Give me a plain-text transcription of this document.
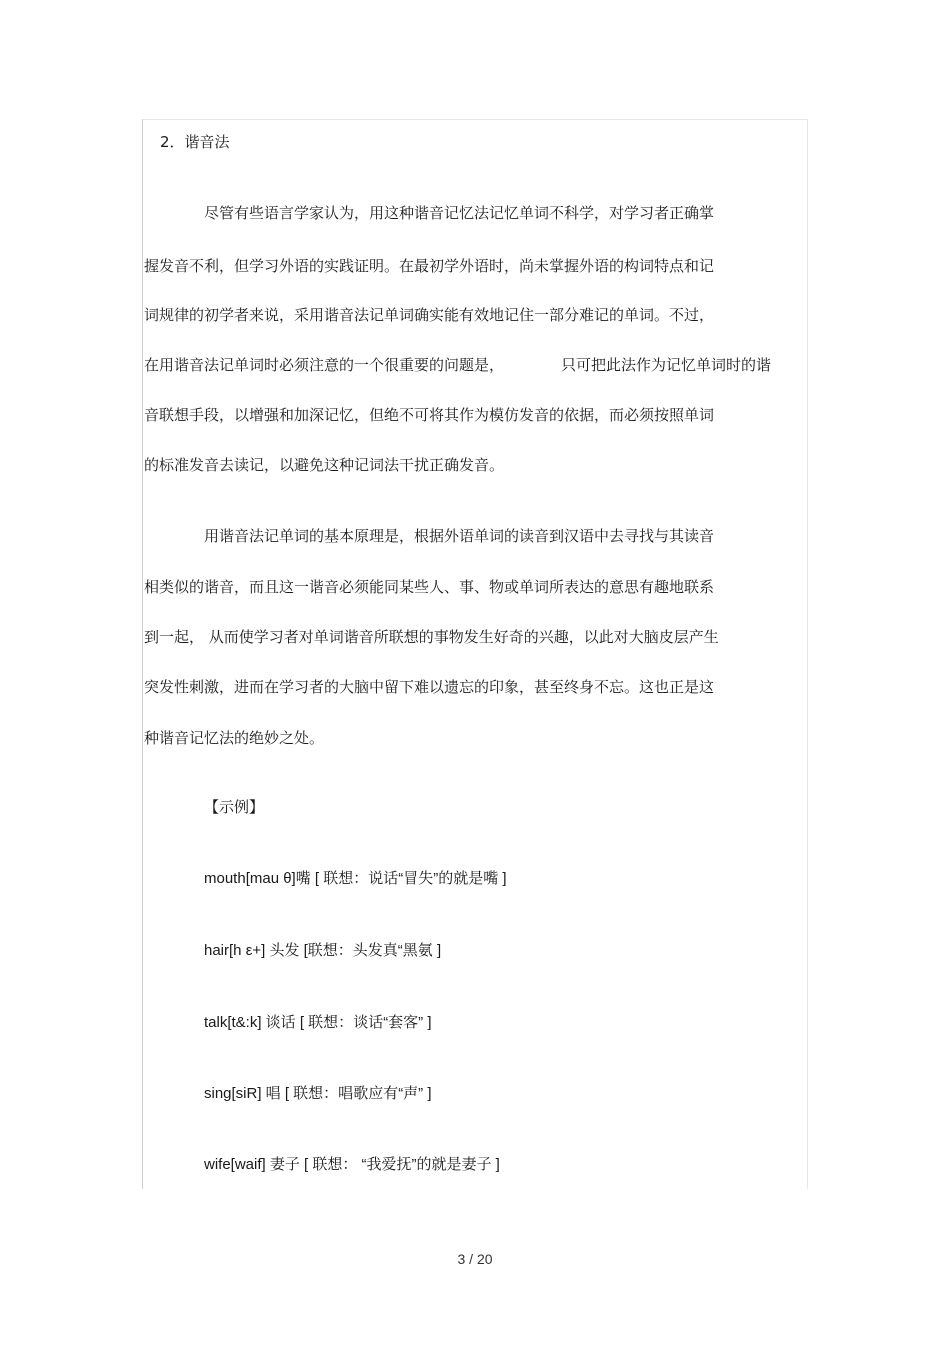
2．谐音法
尽管有些语言学家认为，用这种谐音记忆法记忆单词不科学，对学习者正确掌
握发音不利，但学习外语的实践证明。在最初学外语时，尚未掌握外语的构词特点和记
词规律的初学者来说，采用谐音法记单词确实能有效地记住一部分难记的单词。不过，
在用谐音法记单词时必须注意的一个很重要的问题是，	只可把此法作为记忆单词时的谐
音联想手段，以增强和加深记忆，但绝不可将其作为模仿发音的依据，而必须按照单词
的标准发音去读记，以避免这种记词法干扰正确发音。
用谐音法记单词的基本原理是，根据外语单词的读音到汉语中去寻找与其读音
相类似的谐音，而且这一谐音必须能同某些人、事、物或单词所表达的意思有趣地联系
到一起， 从而使学习者对单词谐音所联想的事物发生好奇的兴趣，以此对大脑皮层产生
突发性刺激，进而在学习者的大脑中留下难以遗忘的印象，甚至终身不忘。这也正是这
种谐音记忆法的绝妙之处。
【示例】
mouth[mau θ]嘴 [ 联想：说话“冒失”的就是嘴 ]
hair[h ε+] 头发 [联想：头发真“黑氨 ]
talk[t&:k] 谈话 [ 联想：谈话“套客” ]
sing[siR] 唱 [ 联想：唱歌应有“声” ]
wife[waif] 妻子 [ 联想： “我爱抚”的就是妻子 ]
3 / 20
